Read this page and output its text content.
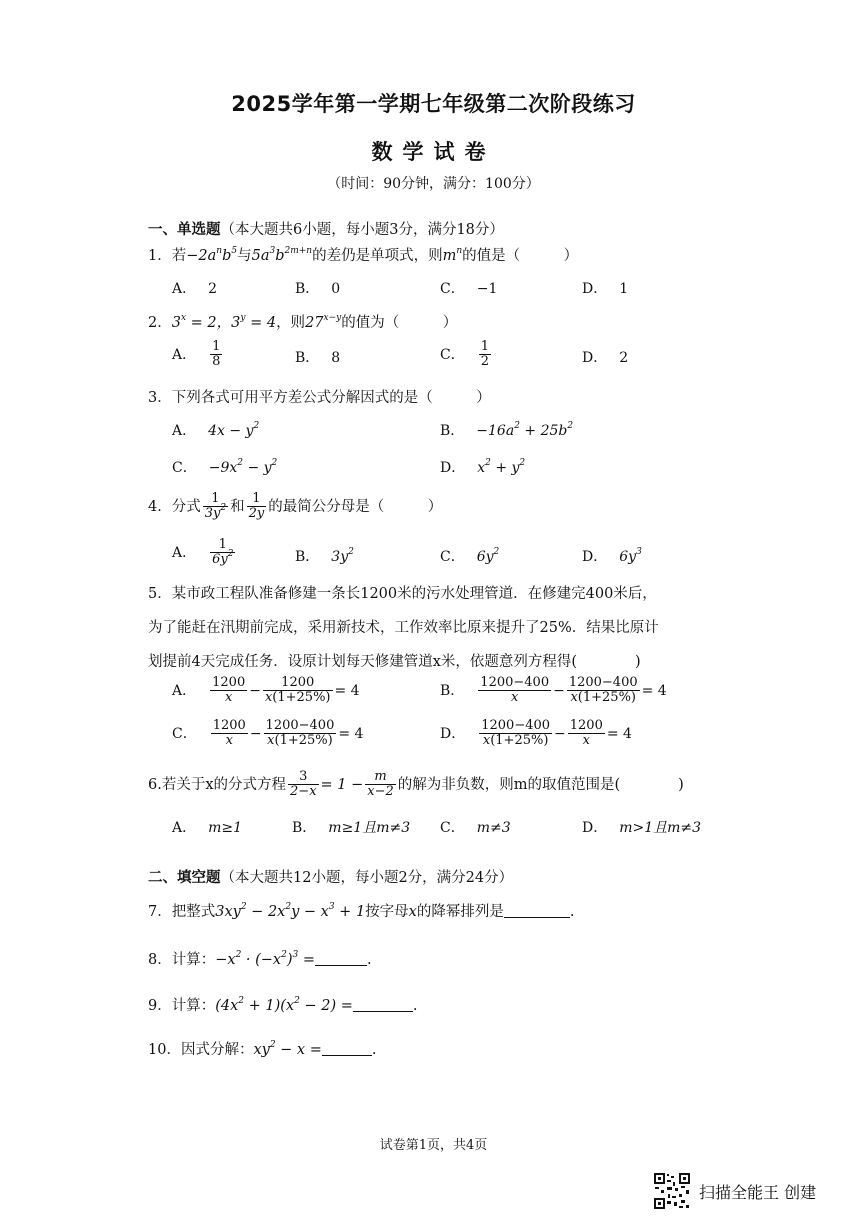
2025学年第一学期七年级第二次阶段练习
数学试卷
（时间：90分钟，满分：100分）
一、单选题（本大题共6小题，每小题3分，满分18分）
1．若$-2a^nb^5$与$5a^3b^{2m+n}$的差仍是单项式，则$m^n$的值是（　　　）
A． 2	B． 0	C． −1	D． 1
2．$3^x = 2$，$3^y = 4$，则$27^{x-y}$的值为（　　　）
A． $\frac{1}{8}$	B． 8	C． $\frac{1}{2}$	D． 2
3．下列各式可用平方差公式分解因式的是（　　　）
A． $4x - y^2$	B． $-16a^2 + 25b^2$
C． $-9x^2 - y^2$	D． $x^2 + y^2$
4．分式 $\frac{1}{3y^2}$ 和 $\frac{1}{2y}$ 的最简公分母是（　　　）
A． $\frac{1}{6y^2}$	B． $3y^2$	C． $6y^2$	D． $6y^3$
5．某市政工程队准备修建一条长1200米的污水处理管道．在修建完400米后，
为了能赶在汛期前完成，采用新技术，工作效率比原来提升了25%．结果比原计
划提前4天完成任务．设原计划每天修建管道x米，依题意列方程得(　　　　)
A． $\frac{1200}{x} - \frac{1200}{x(1+25\%)} = 4$	B． $\frac{1200-400}{x} - \frac{1200-400}{x(1+25\%)} = 4$
C． $\frac{1200}{x} - \frac{1200-400}{x(1+25\%)} = 4$	D． $\frac{1200-400}{x(1+25\%)} - \frac{1200}{x} = 4$
6.若关于x的分式方程 $\frac{3}{2-x} = 1 - \frac{m}{x-2}$ 的解为非负数，则m的取值范围是(　　　　)
A． m≥1	B． m≥1且m≠3 C． m≠3	D． m>1且m≠3
二、填空题（本大题共12小题，每小题2分，满分24分）
7．把整式$3xy^2 - 2x^2y - x^3 + 1$按字母x的降幂排列是	.
8．计算：$-x^2 \cdot (-x^2)^3$ =	.
9．计算：$(4x^2 + 1)(x^2 - 2)$ =	.
10．因式分解：$xy^2 - x$ =	.
试卷第1页，共4页
扫描全能王 创建
